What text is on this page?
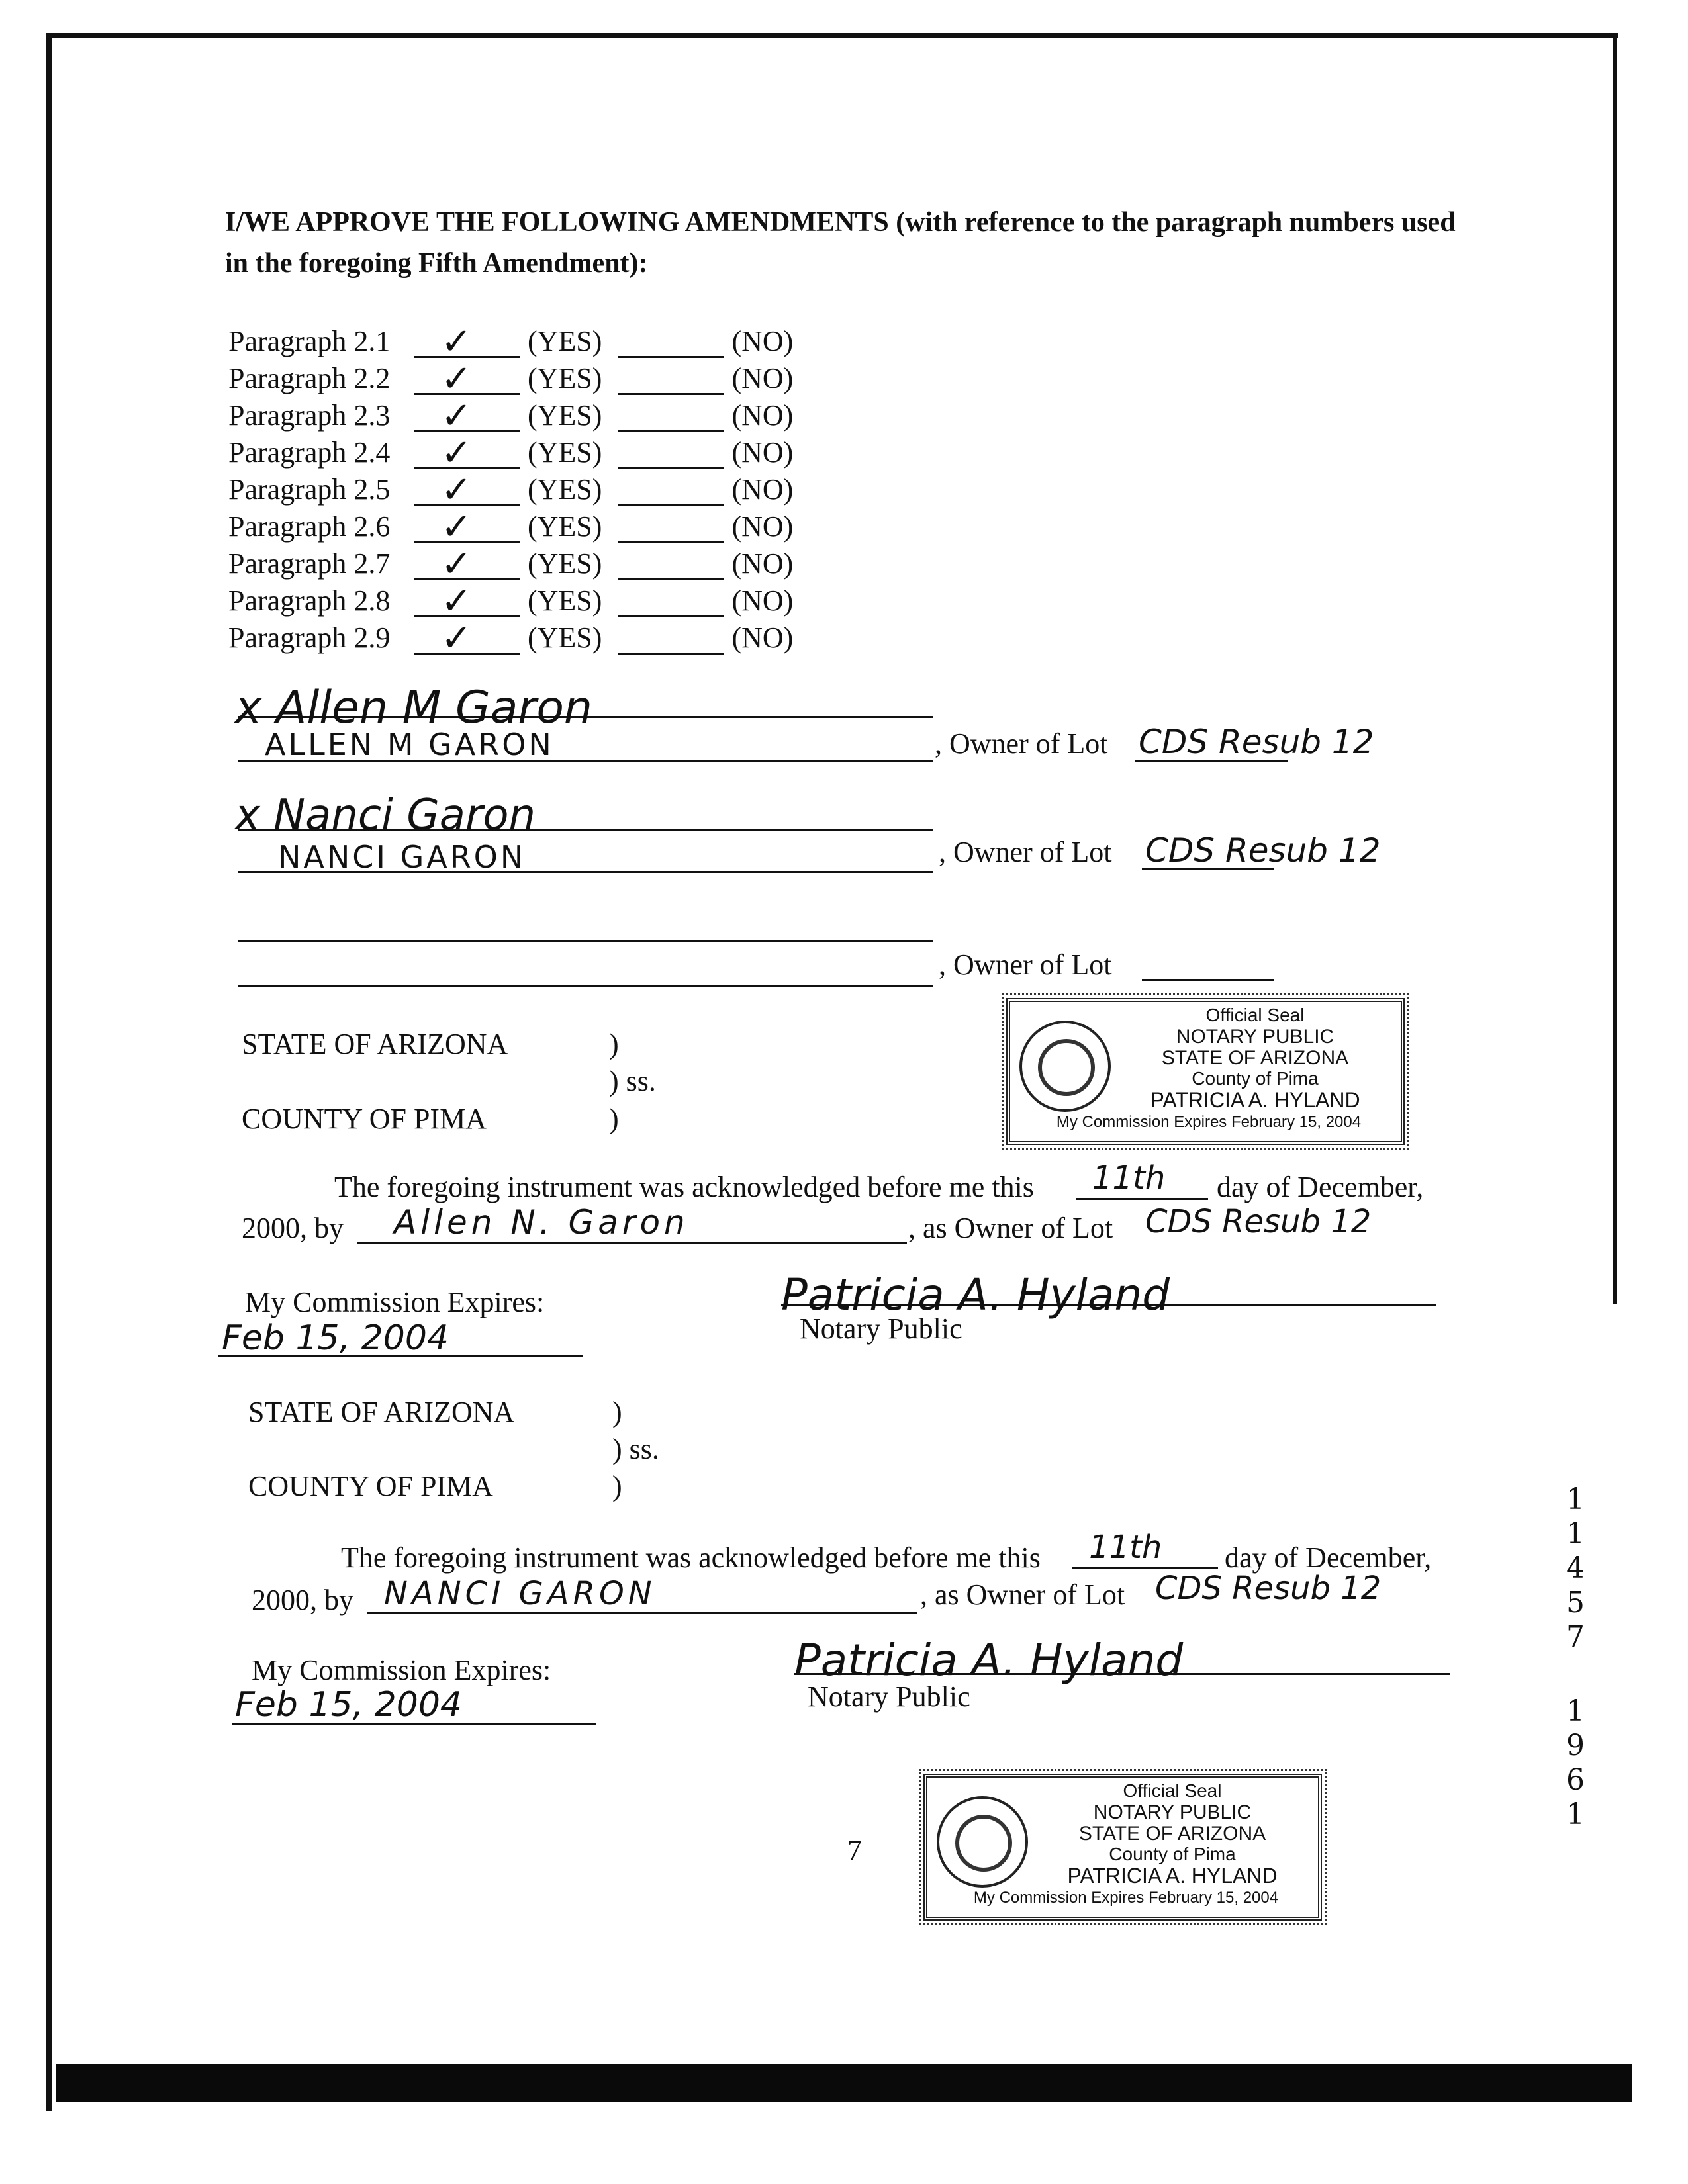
I/WE APPROVE THE FOLLOWING AMENDMENTS (with reference to the paragraph numbers used in the foregoing Fifth Amendment):
Paragraph 2.1 ✓ (YES)	(NO)
Paragraph 2.2 ✓ (YES)	(NO)
Paragraph 2.3 ✓ (YES)	(NO)
Paragraph 2.4 ✓ (YES)	(NO)
Paragraph 2.5 ✓ (YES)	(NO)
Paragraph 2.6 ✓ (YES)	(NO)
Paragraph 2.7 ✓ (YES)	(NO)
Paragraph 2.8 ✓ (YES)	(NO)
Paragraph 2.9 ✓ (YES)	(NO)
x Allen M Garon
ALLEN M GARON	, Owner of Lot CDS Resub 12
x Nanci Garon
NANCI GARON	, Owner of Lot CDS Resub 12
, Owner of Lot
STATE OF ARIZONA	)
) ss.
COUNTY OF PIMA	)
Official Seal
NOTARY PUBLIC
STATE OF ARIZONA
County of Pima
PATRICIA A. HYLAND
My Commission Expires February 15, 2004
The foregoing instrument was acknowledged before me this 11th day of December,
2000, by Allen N. Garon	, as Owner of Lot CDS Resub 12
My Commission Expires:
Feb 15, 2004
Patricia A. Hyland
Notary Public
STATE OF ARIZONA	)
) ss.
COUNTY OF PIMA	)
The foregoing instrument was acknowledged before me this 11th day of December,
2000, by NANCI GARON	, as Owner of Lot CDS Resub 12
My Commission Expires:
Feb 15, 2004
Patricia A. Hyland
Notary Public
7
Official Seal
NOTARY PUBLIC
STATE OF ARIZONA
County of Pima
PATRICIA A. HYLAND
My Commission Expires February 15, 2004
1
1
4
5
7
1
9
6
1
